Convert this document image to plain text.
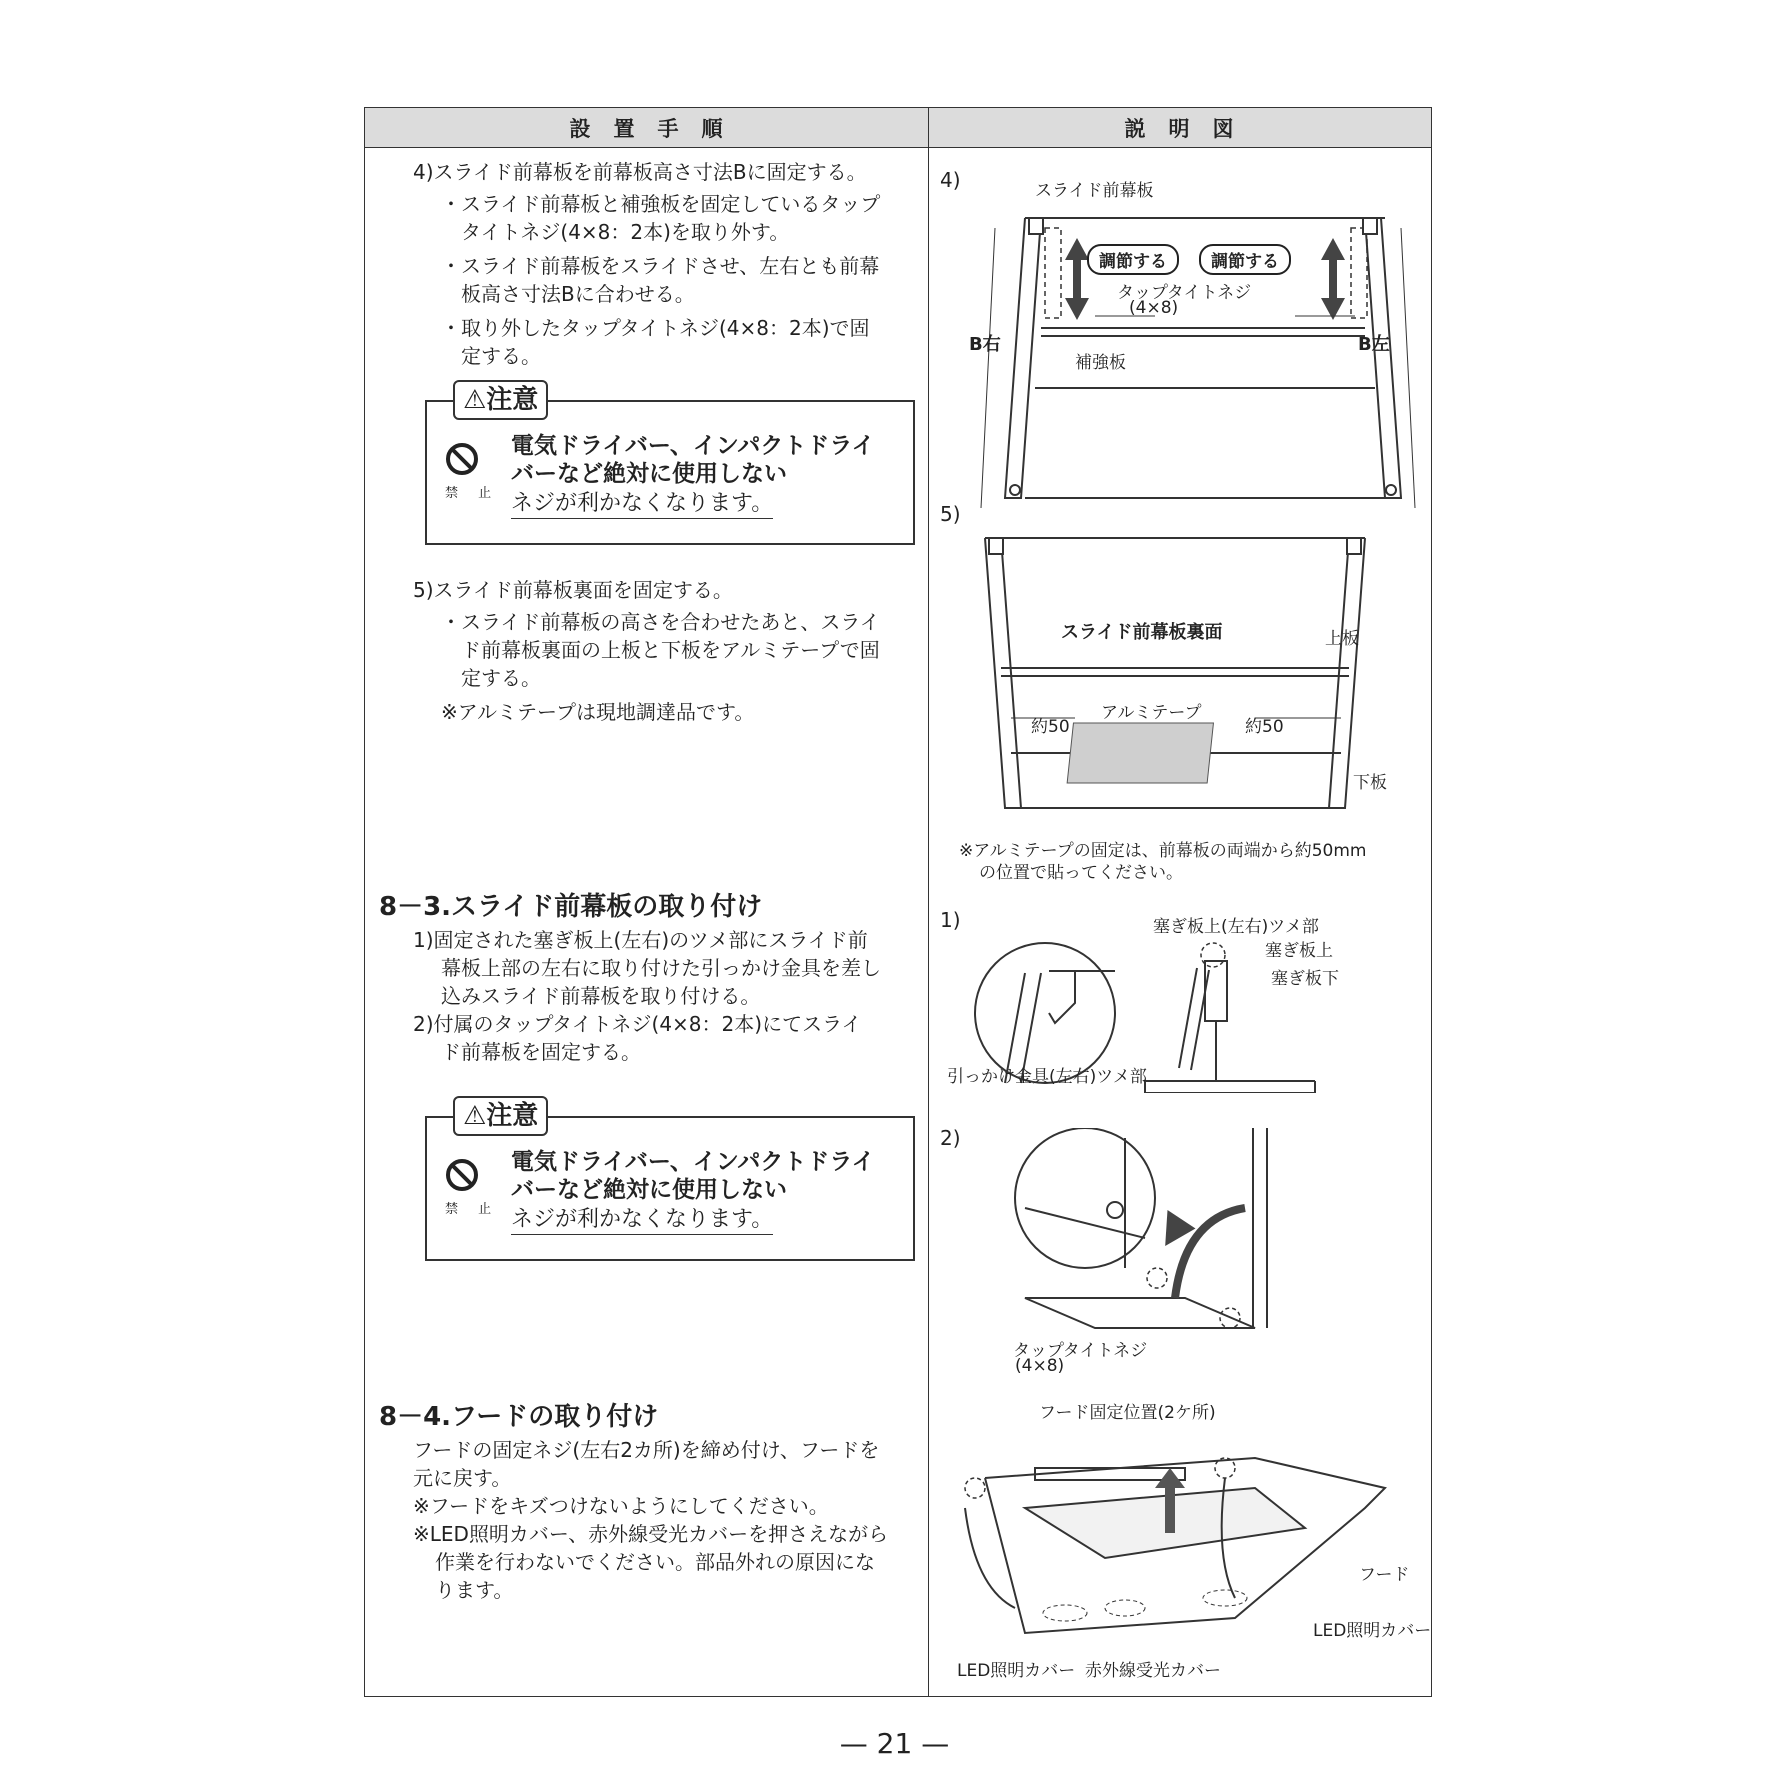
設　置　手　順	説　明　図
4)スライド前幕板を前幕板高さ寸法Bに固定する。
・スライド前幕板と補強板を固定しているタップ
タイトネジ(4×8：2本)を取り外す。
・スライド前幕板をスライドさせ、左右とも前幕
板高さ寸法Bに合わせる。
・取り外したタップタイトネジ(4×8：2本)で固
定する。
⚠注意
禁 止
電気ドライバー、インパクトドライ
バーなど絶対に使用しない
ネジが利かなくなります。
5)スライド前幕板裏面を固定する。
・スライド前幕板の高さを合わせたあと、スライ
ド前幕板裏面の上板と下板をアルミテープで固
定する。
※アルミテープは現地調達品です。
8－3.スライド前幕板の取り付け
1)固定された塞ぎ板上(左右)のツメ部にスライド前
幕板上部の左右に取り付けた引っかけ金具を差し
込みスライド前幕板を取り付ける。
2)付属のタップタイトネジ(4×8：2本)にてスライ
ド前幕板を固定する。
⚠注意
禁 止
電気ドライバー、インパクトドライ
バーなど絶対に使用しない
ネジが利かなくなります。
8－4.フードの取り付け
フードの固定ネジ(左右2カ所)を締め付け、フードを
元に戻す。
※フードをキズつけないようにしてください。
※LED照明カバー、赤外線受光カバーを押さえながら
作業を行わないでください。部品外れの原因にな
ります。
4)	スライド前幕板
調節する	調節する
タップタイトネジ
(4×8)
B右	B左
補強板
5)
スライド前幕板裏面	上板
アルミテープ
約50	約50
下板
※アルミテープの固定は、前幕板の両端から約50mm
の位置で貼ってください。
1)	塞ぎ板上(左右)ツメ部
塞ぎ板上
塞ぎ板下
引っかけ金具(左右)ツメ部
2)
タップタイトネジ
(4×8)
フード固定位置(2ケ所)
フード
LED照明カバー
LED照明カバー 赤外線受光カバー
— 21 —
